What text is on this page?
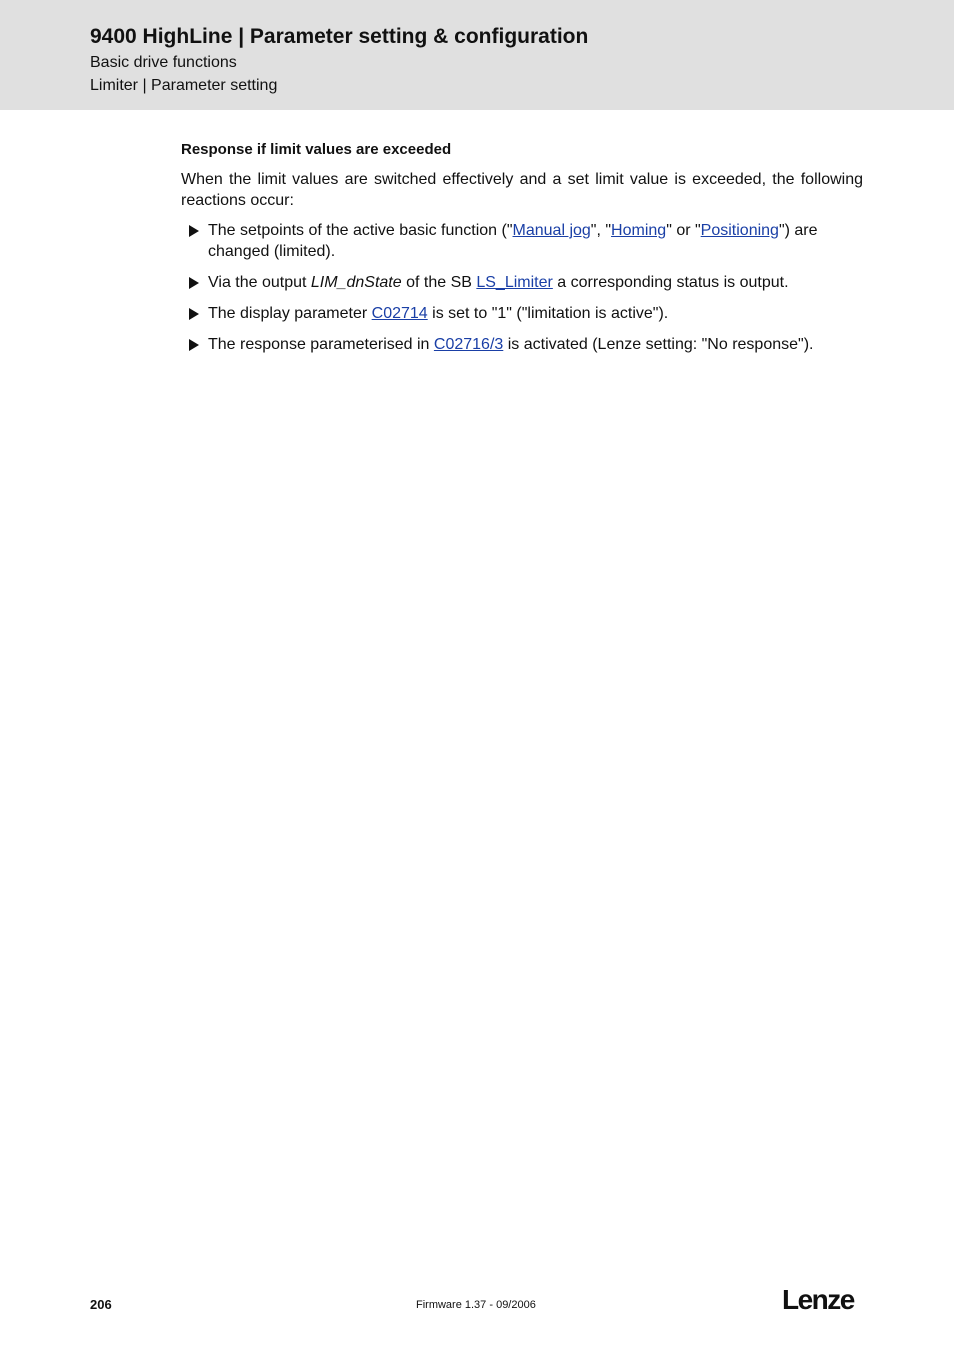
9400 HighLine | Parameter setting & configuration
Basic drive functions
Limiter | Parameter setting
Response if limit values are exceeded

When the limit values are switched effectively and a set limit value is exceeded, the following reactions occur:

The setpoints of the active basic function ("Manual jog", "Homing" or "Positioning") are changed (limited).
Via the output LIM_dnState of the SB LS_Limiter a corresponding status is output.
The display parameter C02714 is set to "1" ("limitation is active").
The response parameterised in C02716/3 is activated (Lenze setting: "No response").
206	Firmware 1.37 - 09/2006	Lenze
